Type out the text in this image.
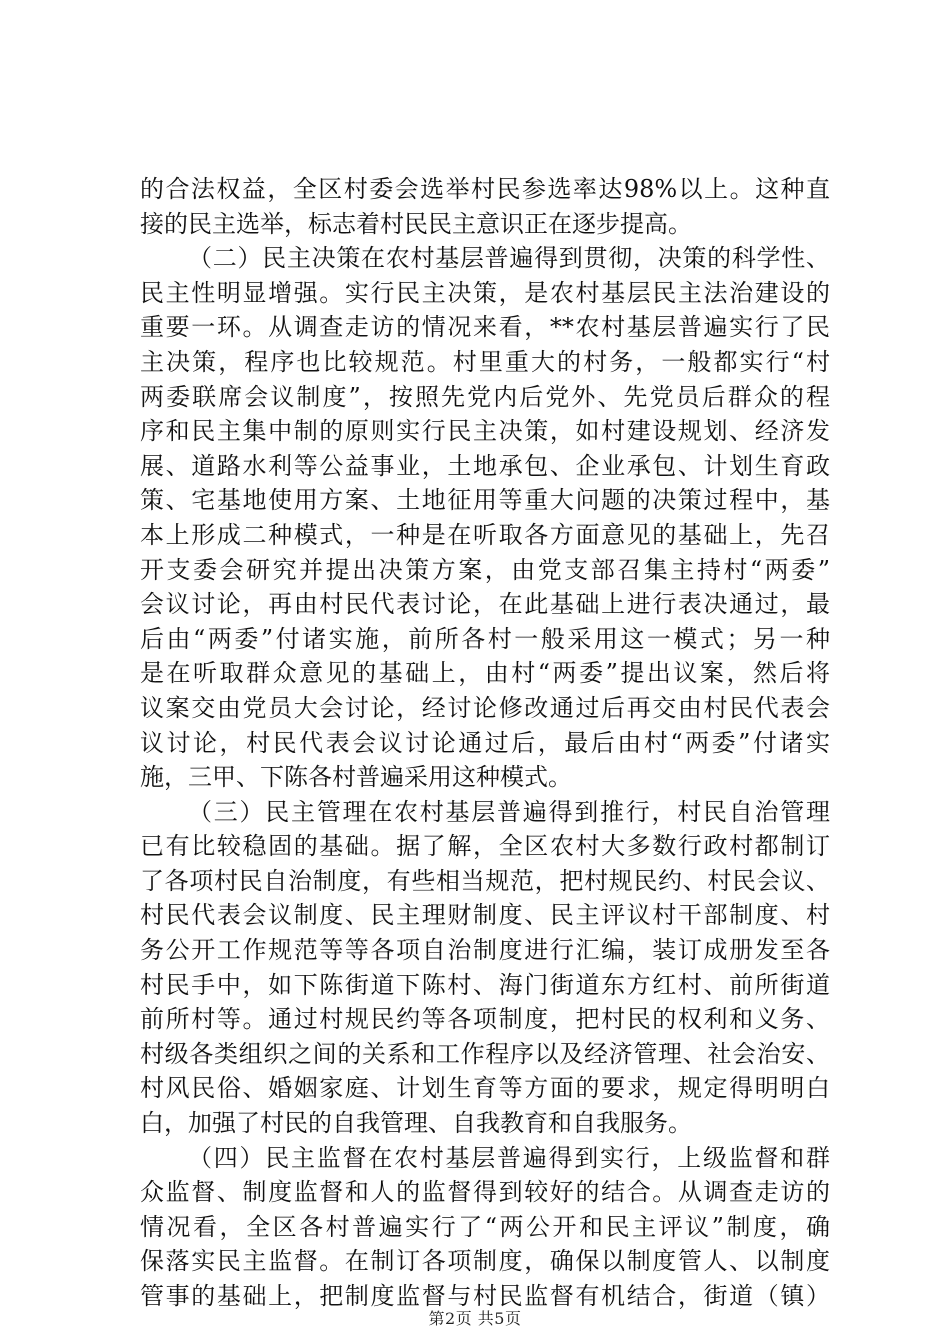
的合法权益，全区村委会选举村民参选率达98%以上。这种直
接的民主选举，标志着村民民主意识正在逐步提高。
（二）民主决策在农村基层普遍得到贯彻，决策的科学性、
民主性明显增强。实行民主决策，是农村基层民主法治建设的
重要一环。从调查走访的情况来看，**农村基层普遍实行了民
主决策，程序也比较规范。村里重大的村务，一般都实行“村
两委联席会议制度”，按照先党内后党外、先党员后群众的程
序和民主集中制的原则实行民主决策，如村建设规划、经济发
展、道路水利等公益事业，土地承包、企业承包、计划生育政
策、宅基地使用方案、土地征用等重大问题的决策过程中，基
本上形成二种模式，一种是在听取各方面意见的基础上，先召
开支委会研究并提出决策方案，由党支部召集主持村“两委”
会议讨论，再由村民代表讨论，在此基础上进行表决通过，最
后由“两委”付诸实施，前所各村一般采用这一模式；另一种
是在听取群众意见的基础上，由村“两委”提出议案，然后将
议案交由党员大会讨论，经讨论修改通过后再交由村民代表会
议讨论，村民代表会议讨论通过后，最后由村“两委”付诸实
施，三甲、下陈各村普遍采用这种模式。
（三）民主管理在农村基层普遍得到推行，村民自治管理
已有比较稳固的基础。据了解，全区农村大多数行政村都制订
了各项村民自治制度，有些相当规范，把村规民约、村民会议、
村民代表会议制度、民主理财制度、民主评议村干部制度、村
务公开工作规范等等各项自治制度进行汇编，装订成册发至各
村民手中，如下陈街道下陈村、海门街道东方红村、前所街道
前所村等。通过村规民约等各项制度，把村民的权利和义务、
村级各类组织之间的关系和工作程序以及经济管理、社会治安、
村风民俗、婚姻家庭、计划生育等方面的要求，规定得明明白
白，加强了村民的自我管理、自我教育和自我服务。
（四）民主监督在农村基层普遍得到实行，上级监督和群
众监督、制度监督和人的监督得到较好的结合。从调查走访的
情况看，全区各村普遍实行了“两公开和民主评议”制度，确
保落实民主监督。在制订各项制度，确保以制度管人、以制度
管事的基础上，把制度监督与村民监督有机结合，街道（镇）
第2页 共5页
